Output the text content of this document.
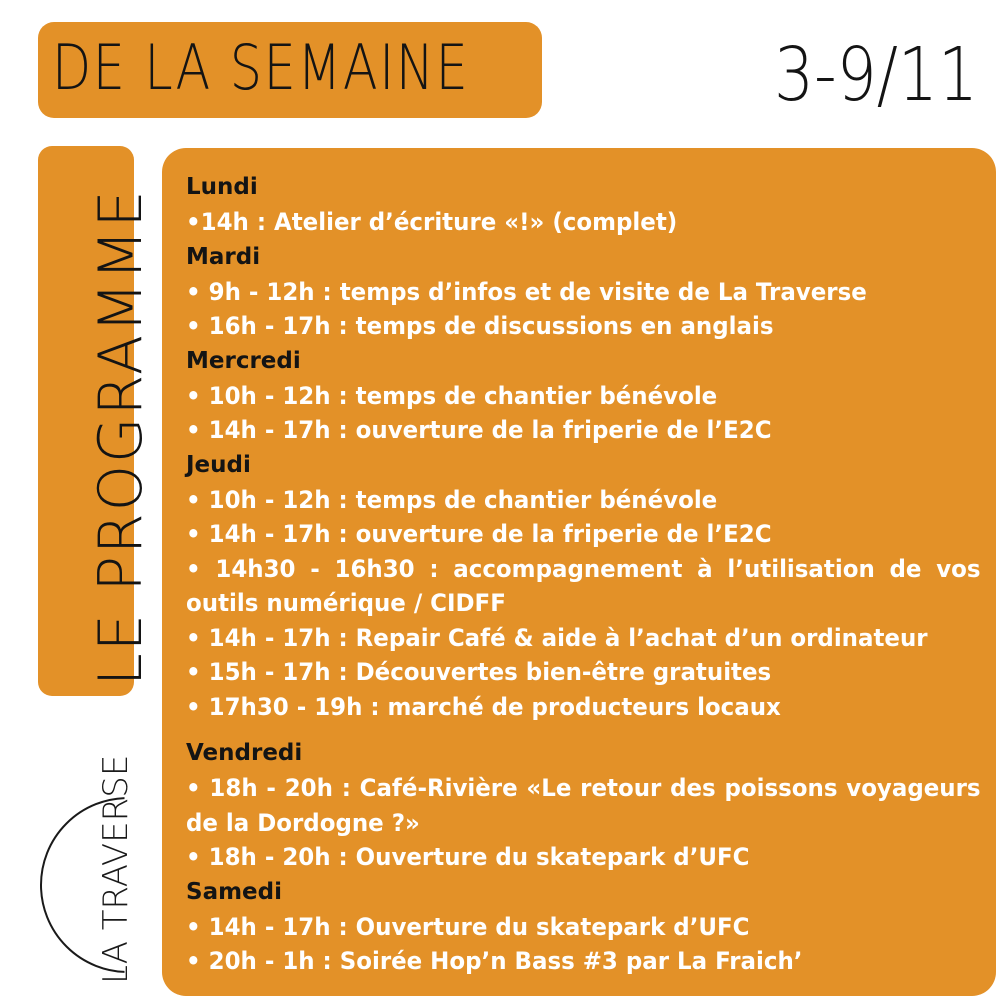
DE LA SEMAINE	3-9/11
LE PROGRAMME
LA TRAVERSE
Lundi
•14h : Atelier d’écriture «!» (complet)
Mardi
• 9h - 12h : temps d’infos et de visite de La Traverse
• 16h - 17h : temps de discussions en anglais
Mercredi
• 10h - 12h : temps de chantier bénévole
• 14h - 17h : ouverture de la friperie de l’E2C
Jeudi
• 10h - 12h : temps de chantier bénévole
• 14h - 17h : ouverture de la friperie de l’E2C
• 14h30 - 16h30 : accompagnement à l’utilisation de vos outils numérique / CIDFF
• 14h - 17h : Repair Café & aide à l’achat d’un ordinateur
• 15h - 17h : Découvertes bien-être gratuites
• 17h30 - 19h : marché de producteurs locaux
Vendredi
• 18h - 20h : Café-Rivière «Le retour des poissons voyageurs de la Dordogne ?»
• 18h - 20h : Ouverture du skatepark d’UFC
Samedi
• 14h - 17h : Ouverture du skatepark d’UFC
• 20h - 1h : Soirée Hop’n Bass #3 par La Fraich’
